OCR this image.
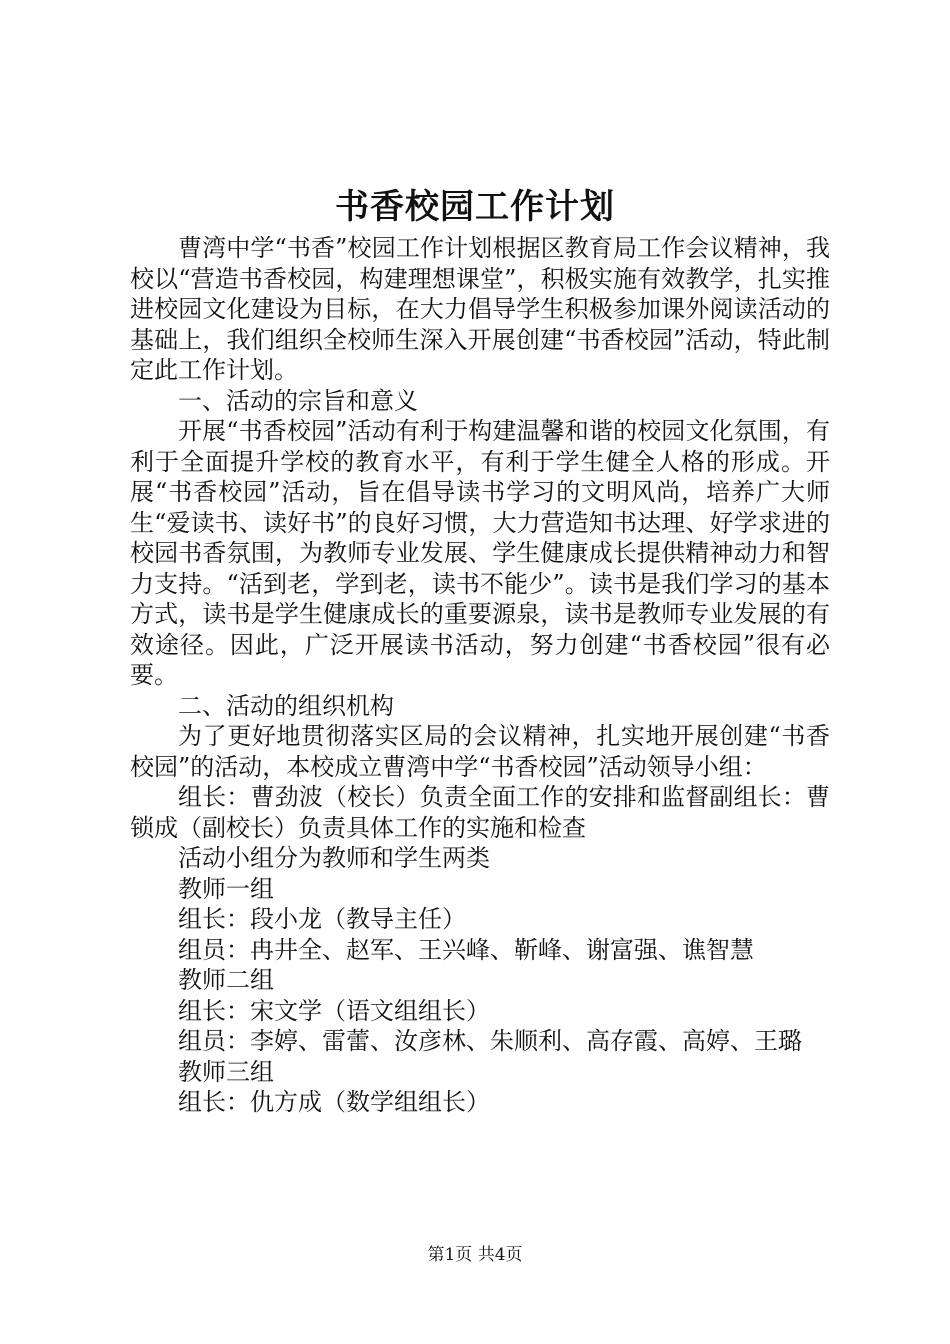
书香校园工作计划

曹湾中学“书香”校园工作计划根据区教育局工作会议精神，我校以“营造书香校园，构建理想课堂”，积极实施有效教学，扎实推进校园文化建设为目标，在大力倡导学生积极参加课外阅读活动的基础上，我们组织全校师生深入开展创建“书香校园”活动，特此制定此工作计划。

一、活动的宗旨和意义

开展“书香校园”活动有利于构建温馨和谐的校园文化氛围，有利于全面提升学校的教育水平，有利于学生健全人格的形成。开展“书香校园”活动，旨在倡导读书学习的文明风尚，培养广大师生“爱读书、读好书”的良好习惯，大力营造知书达理、好学求进的校园书香氛围，为教师专业发展、学生健康成长提供精神动力和智力支持。“活到老，学到老，读书不能少”。读书是我们学习的基本方式，读书是学生健康成长的重要源泉，读书是教师专业发展的有效途径。因此，广泛开展读书活动，努力创建“书香校园”很有必要。

二、活动的组织机构

为了更好地贯彻落实区局的会议精神，扎实地开展创建“书香校园”的活动，本校成立曹湾中学“书香校园”活动领导小组：

组长：曹劲波（校长）负责全面工作的安排和监督副组长：曹锁成（副校长）负责具体工作的实施和检查

活动小组分为教师和学生两类

教师一组

组长：段小龙（教导主任）

组员：冉井全、赵军、王兴峰、靳峰、谢富强、谯智慧

教师二组

组长：宋文学（语文组组长）

组员：李婷、雷蕾、汝彦林、朱顺利、高存霞、高婷、王璐

教师三组

组长：仇方成（数学组组长）

第1页 共4页
